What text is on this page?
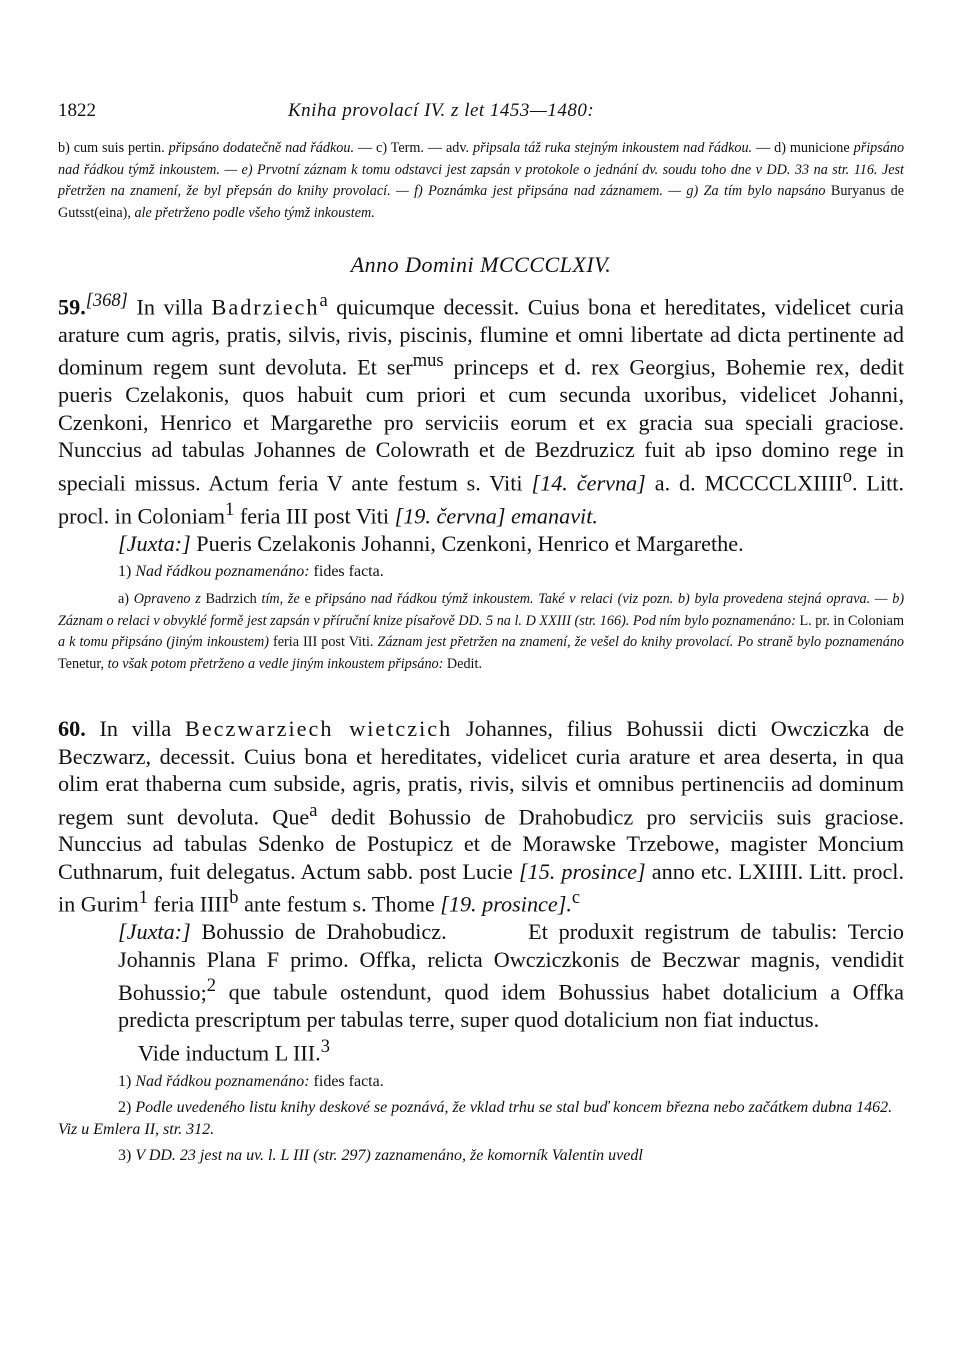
1822	Kniha provolací IV. z let 1453—1480:
b) cum suis pertin. připsáno dodatečně nad řádkou. — c) Term. — adv. připsala táž ruka stejným inkoustem nad řádkou. — d) municione připsáno nad řádkou týmž inkoustem. — e) Prvotní záznam k tomu odstavci jest zapsán v protokole o jednání dv. soudu toho dne v DD. 33 na str. 116. Jest přetržen na znamení, že byl přepsán do knihy provolací. — f) Poznámka jest připsána nad záznamem. — g) Za tím bylo napsáno Buryanus de Gutsst(eina), ale přetrženo podle všeho týmž inkoustem.
Anno Domini MCCCCLXIV.

59.[368] In villa Badrziech$^a$ quicumque decessit. Cuius bona et hereditates, videlicet curia arature cum agris, pratis, silvis, rivis, piscinis, flumine et omni libertate ad dicta pertinente ad dominum regem sunt devoluta. Et ser$^{mus}$ princeps et d. rex Georgius, Bohemie rex, dedit pueris Czelakonis, quos habuit cum priori et cum secunda uxoribus, videlicet Johanni, Czenkoni, Henrico et Margarethe pro serviciis eorum et ex gracia sua speciali graciose. Nunccius ad tabulas Johannes de Colowrath et de Bezdruzicz fuit ab ipso domino rege in speciali missus. Actum feria V ante festum s. Viti [14. června] a. d. MCCCCLXIIII$^o$. Litt. procl. in Coloniam$^1$ feria III post Viti [19. června] emanavit.

[Juxta:] Pueris Czelakonis Johanni, Czenkoni, Henrico et Margarethe.

1) Nad řádkou poznamenáno: fides facta.

a) Opraveno z Badrzich tím, že e připsáno nad řádkou týmž inkoustem. Také v relaci (viz pozn. b) byla provedena stejná oprava. — b) Záznam o relaci v obvyklé formě jest zapsán v příruční knize písařově DD. 5 na l. D XXIII (str. 166). Pod ním bylo poznamenáno: L. pr. in Coloniam a k tomu připsáno (jiným inkoustem) feria III post Viti. Záznam jest přetržen na znamení, že vešel do knihy provolací. Po straně bylo poznamenáno Tenetur, to však potom přetrženo a vedle jiným inkoustem připsáno: Dedit.

60. In villa Beczwarziech wietczich Johannes, filius Bohussii dicti Owcziczka de Beczwarz, decessit. Cuius bona et hereditates, videlicet curia arature et area deserta, in qua olim erat thaberna cum subside, agris, pratis, rivis, silvis et omnibus pertinenciis ad dominum regem sunt devoluta. Que$^a$ dedit Bohussio de Drahobudicz pro serviciis suis graciose. Nunccius ad tabulas Sdenko de Postupicz et de Morawske Trzebowe, magister Moncium Cuthnarum, fuit delegatus. Actum sabb. post Lucie [15. prosince] anno etc. LXIIII. Litt. procl. in Gurim$^1$ feria IIII$^b$ ante festum s. Thome [19. prosince].$^c$

[Juxta:] Bohussio de Drahobudicz.	Et produxit registrum de tabulis: Tercio Johannis Plana F primo. Offka, relicta Owcziczkonis de Beczwar magnis, vendidit Bohussio;$^2$ que tabule ostendunt, quod idem Bohussius habet dotalicium a Offka predicta prescriptum per tabulas terre, super quod dotalicium non fiat inductus.

Vide inductum L III.$^3$

1) Nad řádkou poznamenáno: fides facta.
2) Podle uvedeného listu knihy deskové se poznává, že vklad trhu se stal buď koncem března nebo začátkem dubna 1462. Viz u Emlera II, str. 312.
3) V DD. 23 jest na uv. l. L III (str. 297) zaznamenáno, že komorník Valentin uvedl
